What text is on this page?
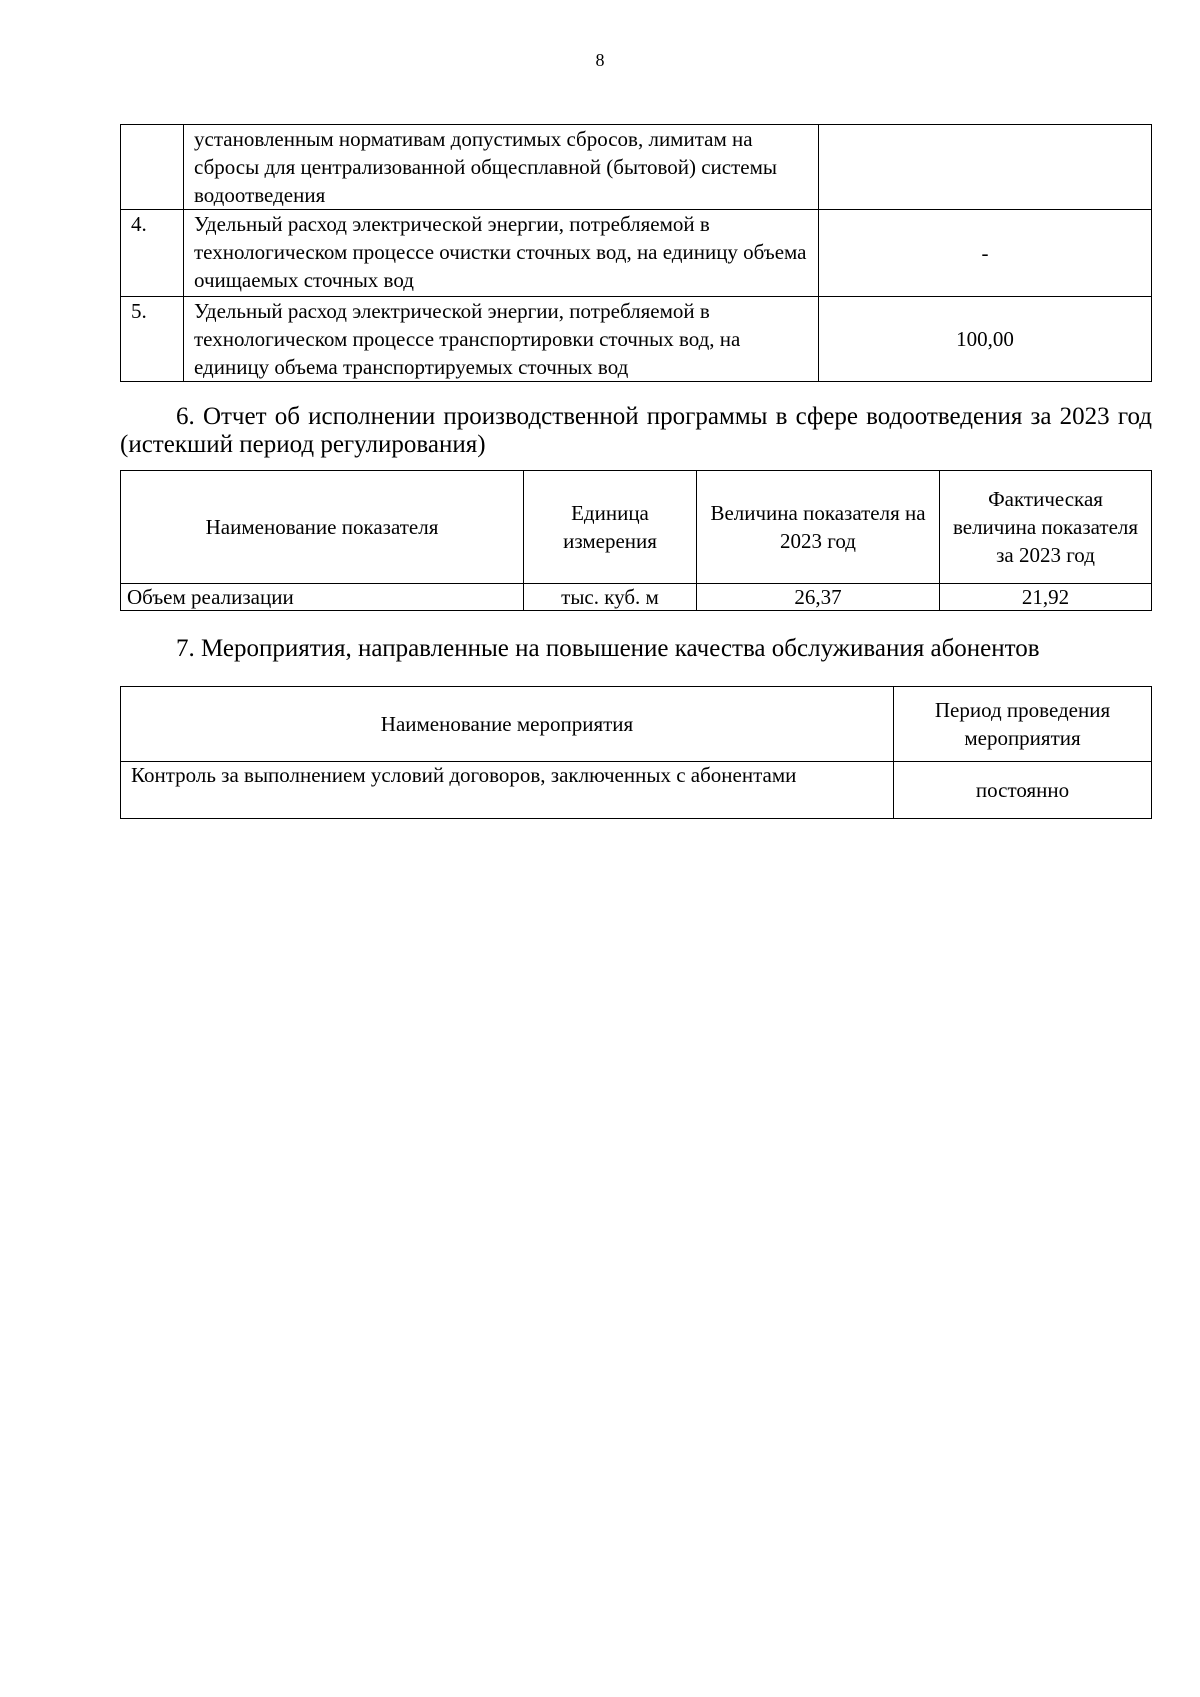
8
	установленным нормативам допустимых сбросов, лимитам на сбросы для централизованной общесплавной (бытовой) системы водоотведения	
4.	Удельный расход электрической энергии, потребляемой в технологическом процессе очистки сточных вод, на единицу объема очищаемых сточных вод	-
5.	Удельный расход электрической энергии, потребляемой в технологическом процессе транспортировки сточных вод, на единицу объема транспортируемых сточных вод	100,00
6. Отчет об исполнении производственной программы в сфере водоотведения за 2023 год (истекший период регулирования)
Наименование показателя	Единица измерения	Величина показателя на 2023 год	Фактическая величина показателя за 2023 год
Объем реализации	тыс. куб. м	26,37	21,92
7. Мероприятия, направленные на повышение качества обслуживания абонентов
Наименование мероприятия	Период проведения мероприятия
Контроль за выполнением условий договоров, заключенных с абонентами	постоянно
